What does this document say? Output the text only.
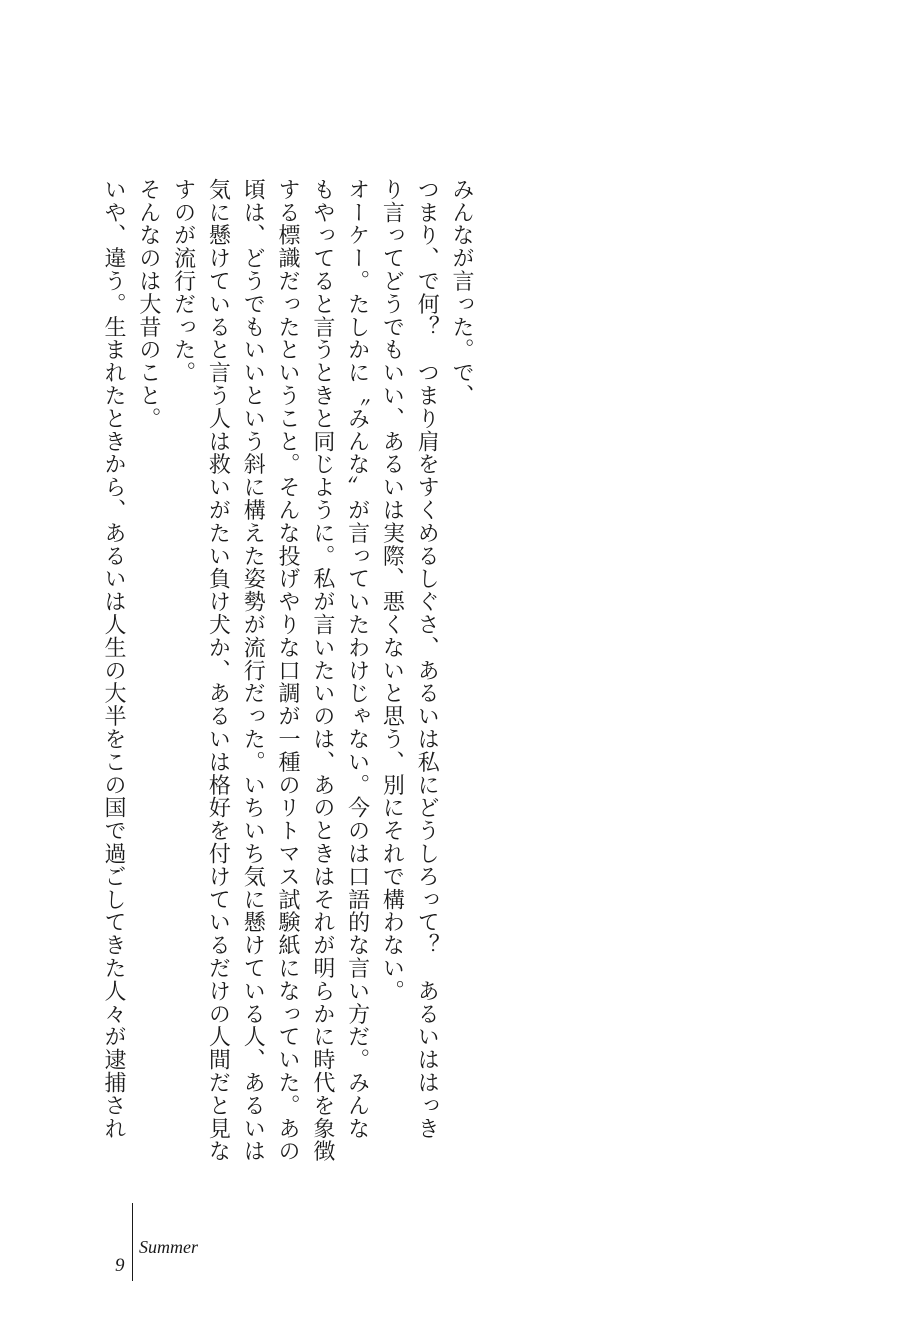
みんなが言った。で、

つまり、で何？　つまり肩をすくめるしぐさ、あるいは私にどうしろって？　あるいははっき

り言ってどうでもいい、あるいは実際、悪くないと思う、別にそれで構わない。

オーケー。たしかに〝みんな〟が言っていたわけじゃない。今のは口語的な言い方だ。みんな

もやってると言うときと同じように。私が言いたいのは、あのときはそれが明らかに時代を象徴

する標識だったということ。そんな投げやりな口調が一種のリトマス試験紙になっていた。あの

頃は、どうでもいいという斜に構えた姿勢が流行だった。いちいち気に懸けている人、あるいは

気に懸けていると言う人は救いがたい負け犬か、あるいは格好を付けているだけの人間だと見な

すのが流行だった。

そんなのは大昔のこと。

いや、違う。生まれたときから、あるいは人生の大半をこの国で過ごしてきた人々が逮捕され

9
Summer
